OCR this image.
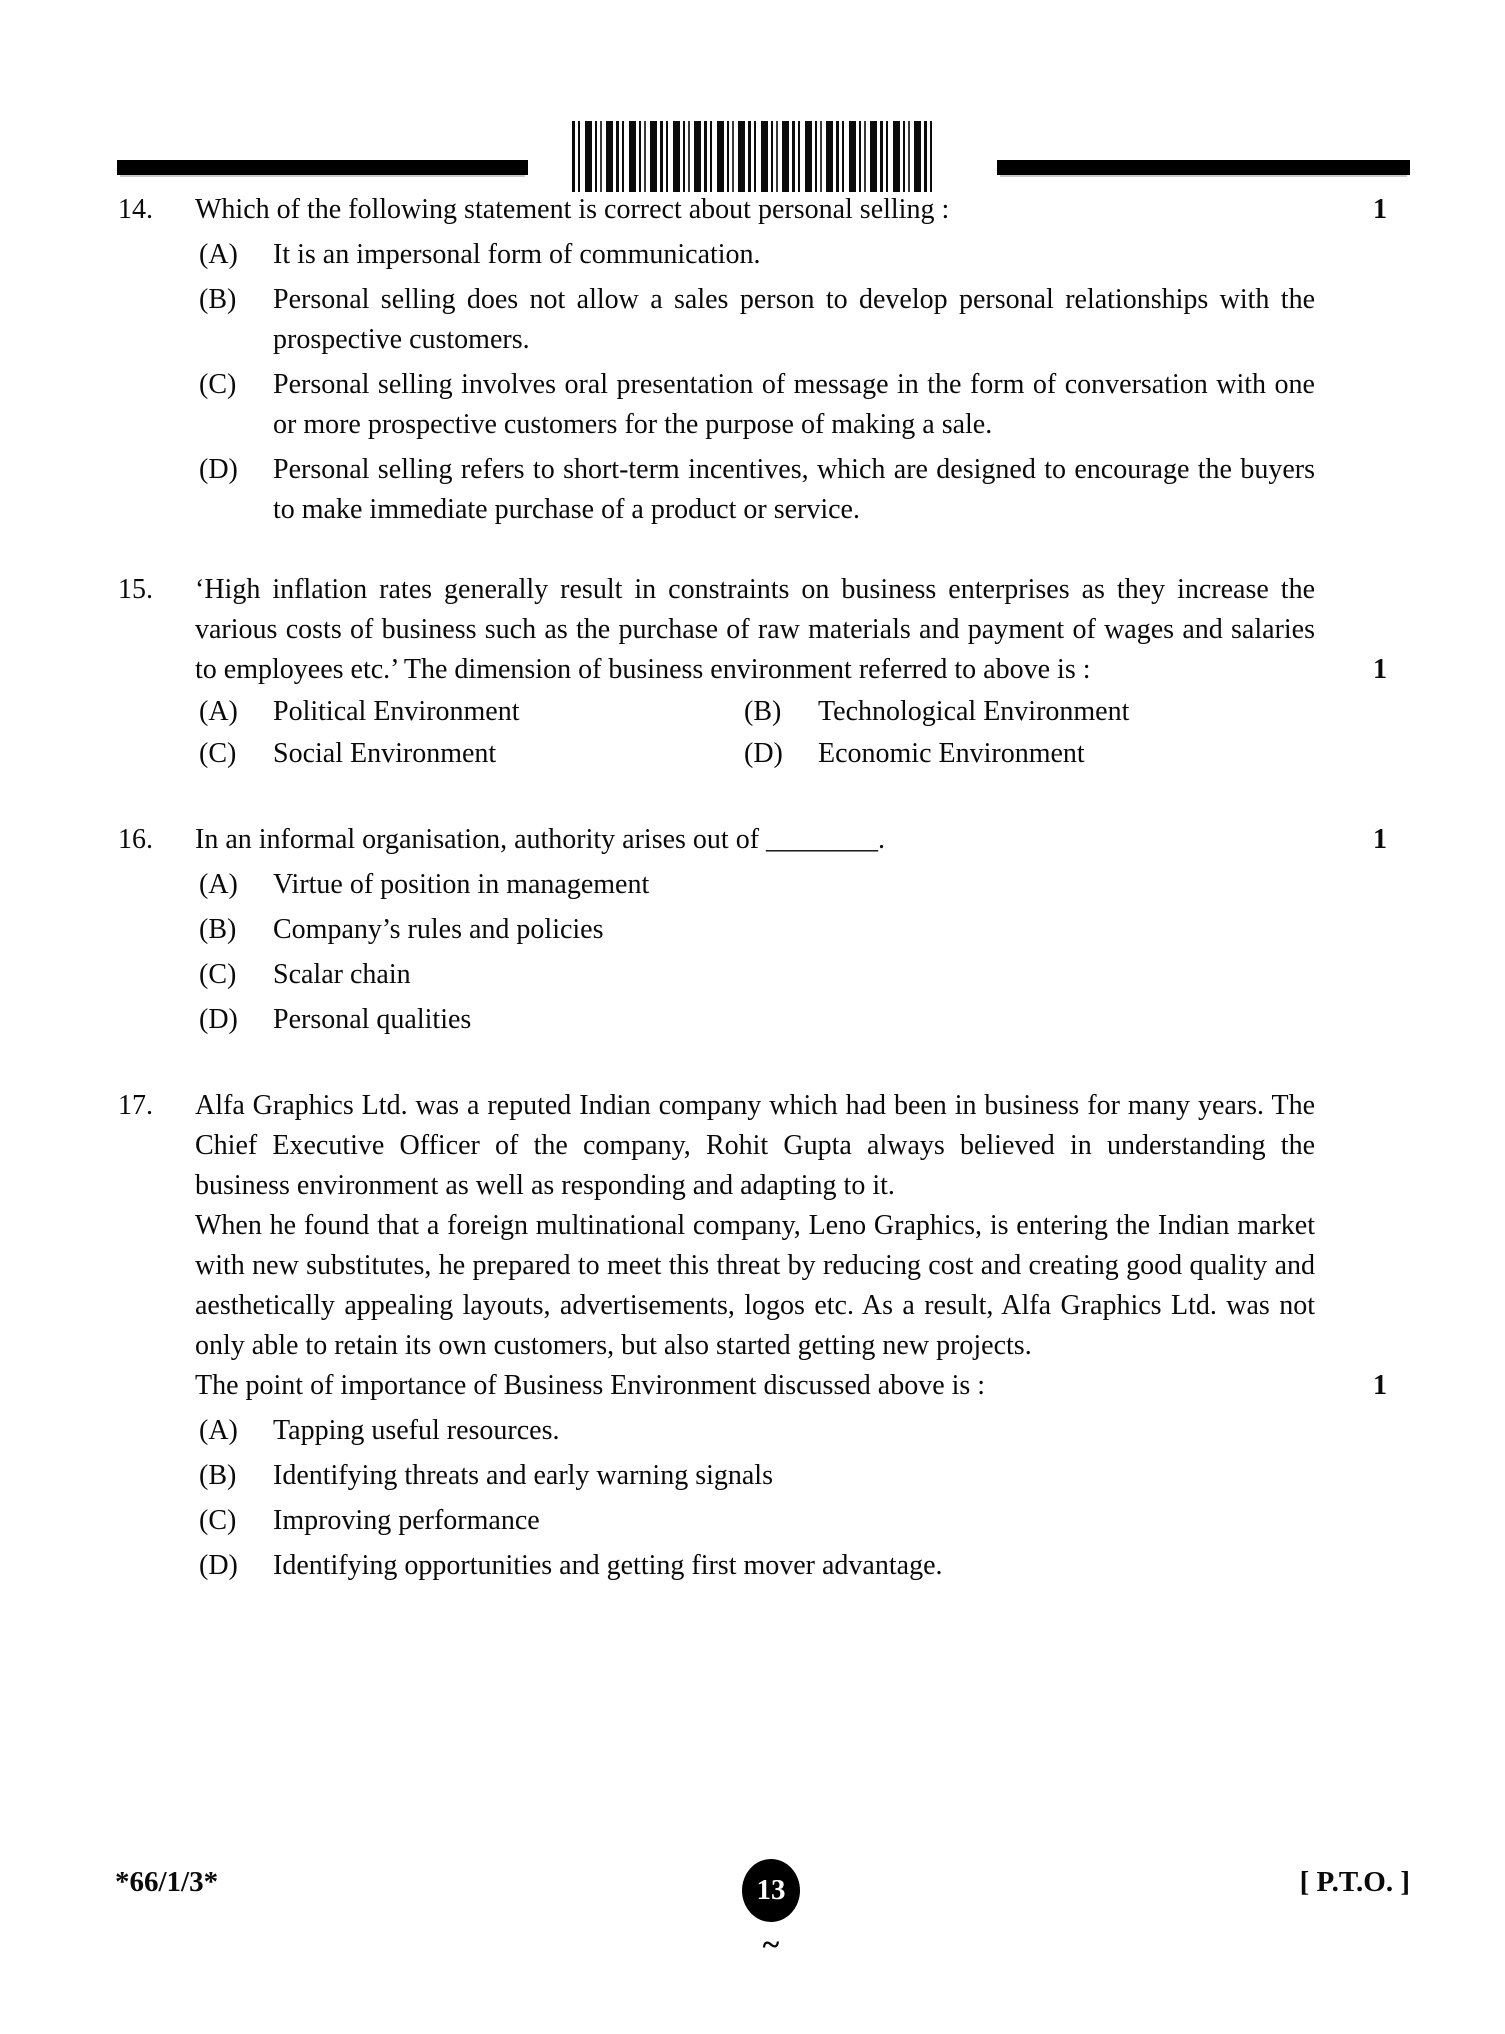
14.	Which of the following statement is correct about personal selling :	1
(A)	It is an impersonal form of communication.
(B)	Personal selling does not allow a sales person to develop personal relationships with the prospective customers.
(C)	Personal selling involves oral presentation of message in the form of conversation with one or more prospective customers for the purpose of making a sale.
(D)	Personal selling refers to short-term incentives, which are designed to encourage the buyers to make immediate purchase of a product or service.
15.	‘High inflation rates generally result in constraints on business enterprises as they increase the various costs of business such as the purchase of raw materials and payment of wages and salaries to employees etc.’ The dimension of business environment referred to above is :	1
(A)	Political Environment	(B)	Technological Environment
(C)	Social Environment	(D)	Economic Environment
16.	In an informal organisation, authority arises out of ________.	1
(A)	Virtue of position in management
(B)	Company’s rules and policies
(C)	Scalar chain
(D)	Personal qualities
17.	Alfa Graphics Ltd. was a reputed Indian company which had been in business for many years. The Chief Executive Officer of the company, Rohit Gupta always believed in understanding the business environment as well as responding and adapting to it.
When he found that a foreign multinational company, Leno Graphics, is entering the Indian market with new substitutes, he prepared to meet this threat by reducing cost and creating good quality and aesthetically appealing layouts, advertisements, logos etc. As a result, Alfa Graphics Ltd. was not only able to retain its own customers, but also started getting new projects.
The point of importance of Business Environment discussed above is :	1
(A)	Tapping useful resources.
(B)	Identifying threats and early warning signals
(C)	Improving performance
(D)	Identifying opportunities and getting first mover advantage.
*66/1/3*	[ P.T.O. ]
13
~
